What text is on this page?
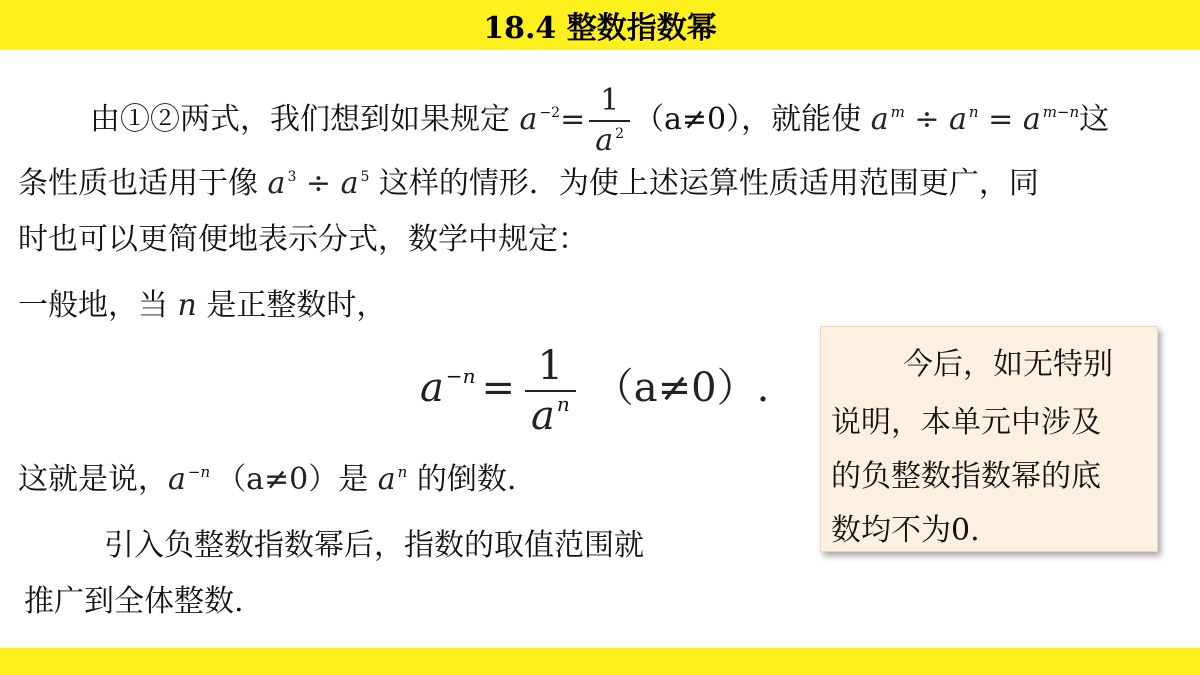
18.4 整数指数幂
由①②两式，我们想到如果规定 a $^{-2}= \frac{1}{a ^2} (a\ne 0)$，就能使 a $^m$ ÷ a $^n$ = a $^{m-n}$这
条性质也适用于像 a $^3$ ÷ a $^5$ 这样的情形．为使上述运算性质适用范围更广，同
时也可以更简便地表示分式，数学中规定：
一般地，当 n 是正整数时，
a $^{-n} = \frac{1}{a ^n} (a\ne 0)$.
这就是说，a $^{-n}$ （a≠0）是 a $^n$ 的倒数.
引入负整数指数幂后，指数的取值范围就
推广到全体整数.
今后，如无特别
说明，本单元中涉及
的负整数指数幂的底
数均不为0.
